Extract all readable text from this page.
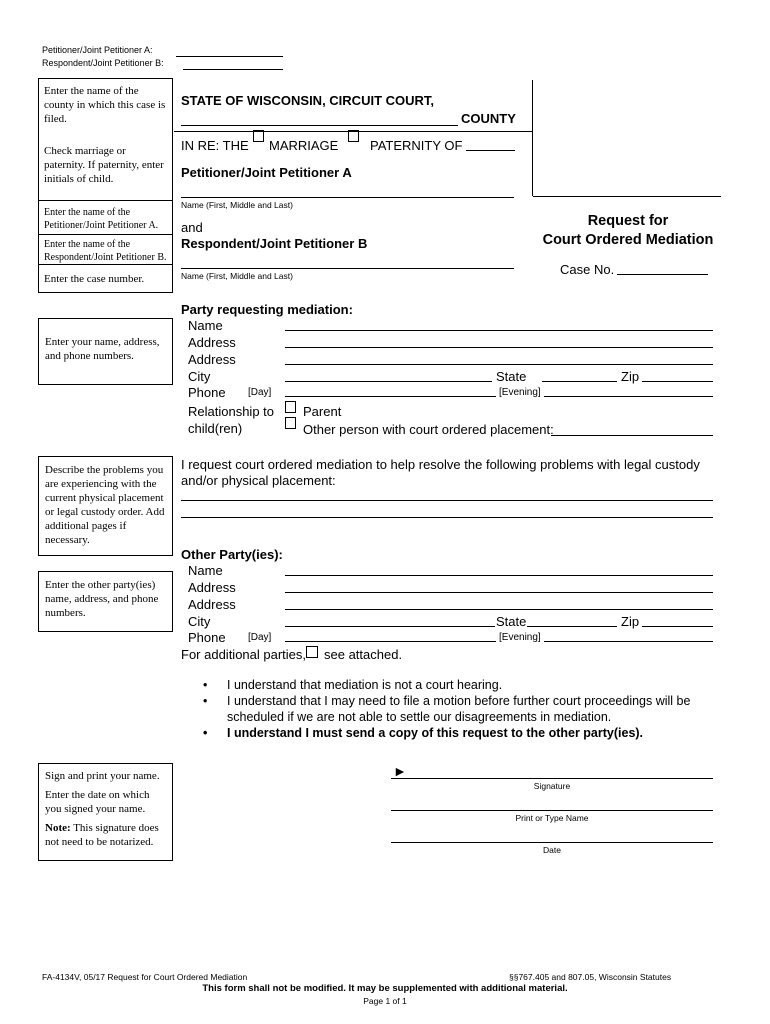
Petitioner/Joint Petitioner A:
Respondent/Joint Petitioner B:
Enter the name of the county in which this case is filed.
Check marriage or paternity. If paternity, enter initials of child.
Enter the name of the Petitioner/Joint Petitioner A.
Enter the name of the Respondent/Joint Petitioner B.
Enter the case number.
STATE OF WISCONSIN, CIRCUIT COURT,
COUNTY
IN RE: THE MARRIAGE PATERNITY OF
Petitioner/Joint Petitioner A
Name (First, Middle and Last)
and
Respondent/Joint Petitioner B
Name (First, Middle and Last)
Request for
Court Ordered Mediation
Case No.
Enter your name, address, and phone numbers.
Party requesting mediation:
Name
Address
Address
City	State	Zip
Phone [Day]	[Evening]
Relationship to
child(ren)
Parent
Other person with court ordered placement:
Describe the problems you are experiencing with the current physical placement or legal custody order. Add additional pages if necessary.
I request court ordered mediation to help resolve the following problems with legal custody and/or physical placement:
Enter the other party(ies) name, address, and phone numbers.
Other Party(ies):
Name
Address
Address
City	State	Zip
Phone [Day]	[Evening]
For additional parties, see attached.
• I understand that mediation is not a court hearing.
• I understand that I may need to file a motion before further court proceedings will be scheduled if we are not able to settle our disagreements in mediation.
• I understand I must send a copy of this request to the other party(ies).
Sign and print your name.
Enter the date on which you signed your name.
Note: This signature does not need to be notarized.
►
Signature
Print or Type Name
Date
FA-4134V, 05/17 Request for Court Ordered Mediation	§§767.405 and 807.05, Wisconsin Statutes
This form shall not be modified. It may be supplemented with additional material.
Page 1 of 1
